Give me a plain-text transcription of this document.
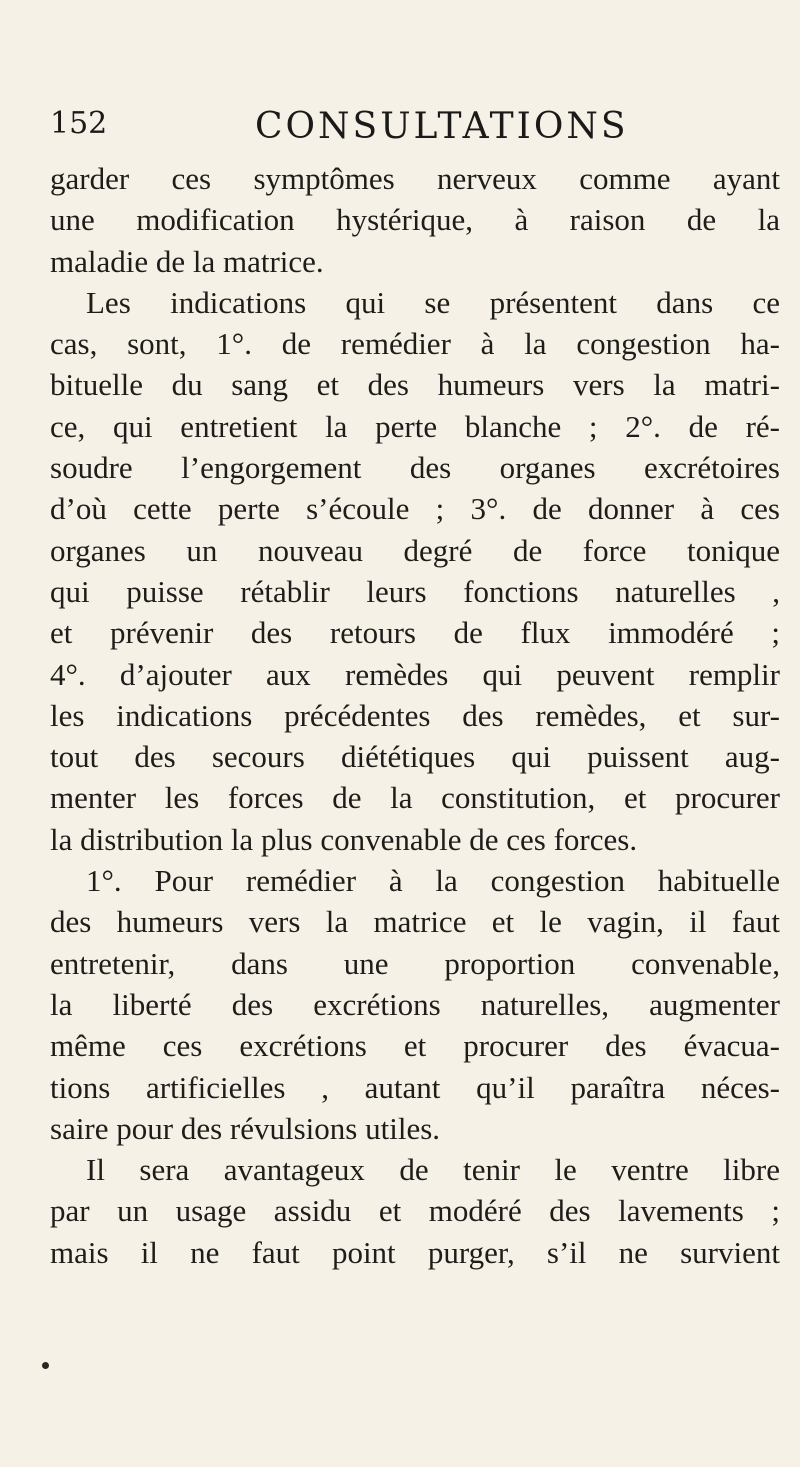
152	CONSULTATIONS
garder ces symptômes nerveux comme ayant
une modification hystérique, à raison de la
maladie de la matrice.
Les indications qui se présentent dans ce
cas, sont, 1°. de remédier à la congestion ha-
bituelle du sang et des humeurs vers la matri-
ce, qui entretient la perte blanche ; 2°. de ré-
soudre l’engorgement des organes excrétoires
d’où cette perte s’écoule ; 3°. de donner à ces
organes un nouveau degré de force tonique
qui puisse rétablir leurs fonctions naturelles ,
et prévenir des retours de flux immodéré ;
4°. d’ajouter aux remèdes qui peuvent remplir
les indications précédentes des remèdes, et sur-
tout des secours diététiques qui puissent aug-
menter les forces de la constitution, et procurer
la distribution la plus convenable de ces forces.
1°. Pour remédier à la congestion habituelle
des humeurs vers la matrice et le vagin, il faut
entretenir, dans une proportion convenable,
la liberté des excrétions naturelles, augmenter
même ces excrétions et procurer des évacua-
tions artificielles , autant qu’il paraîtra néces-
saire pour des révulsions utiles.
Il sera avantageux de tenir le ventre libre
par un usage assidu et modéré des lavements ;
mais il ne faut point purger, s’il ne survient
